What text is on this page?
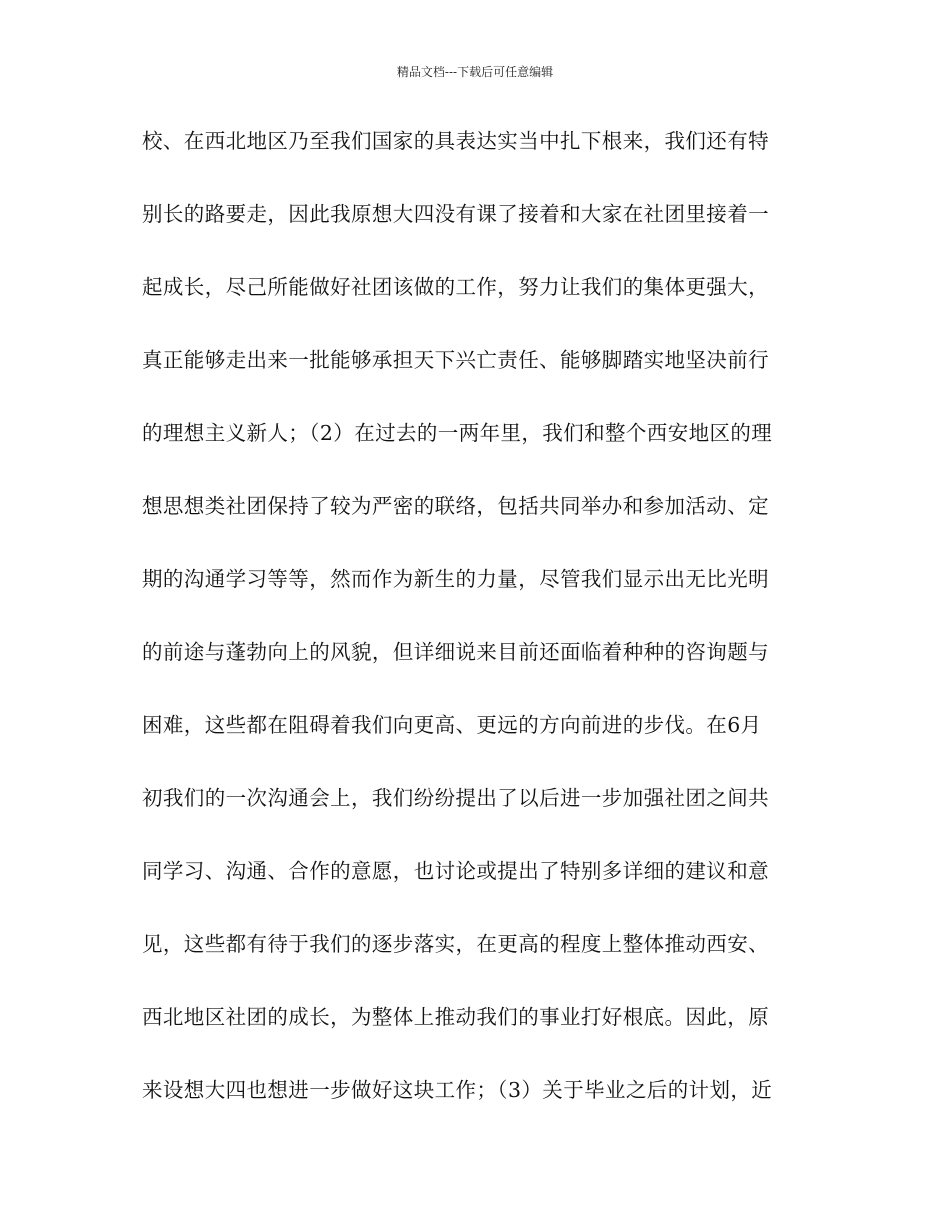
精品文档---下载后可任意编辑
校、在西北地区乃至我们国家的具表达实当中扎下根来，我们还有特
别长的路要走，因此我原想大四没有课了接着和大家在社团里接着一
起成长，尽己所能做好社团该做的工作，努力让我们的集体更强大，
真正能够走出来一批能够承担天下兴亡责任、能够脚踏实地坚决前行
的理想主义新人；（2）在过去的一两年里，我们和整个西安地区的理
想思想类社团保持了较为严密的联络，包括共同举办和参加活动、定
期的沟通学习等等，然而作为新生的力量，尽管我们显示出无比光明
的前途与蓬勃向上的风貌，但详细说来目前还面临着种种的咨询题与
困难，这些都在阻碍着我们向更高、更远的方向前进的步伐。在6月
初我们的一次沟通会上，我们纷纷提出了以后进一步加强社团之间共
同学习、沟通、合作的意愿，也讨论或提出了特别多详细的建议和意
见，这些都有待于我们的逐步落实，在更高的程度上整体推动西安、
西北地区社团的成长，为整体上推动我们的事业打好根底。因此，原
来设想大四也想进一步做好这块工作；（3）关于毕业之后的计划，近
